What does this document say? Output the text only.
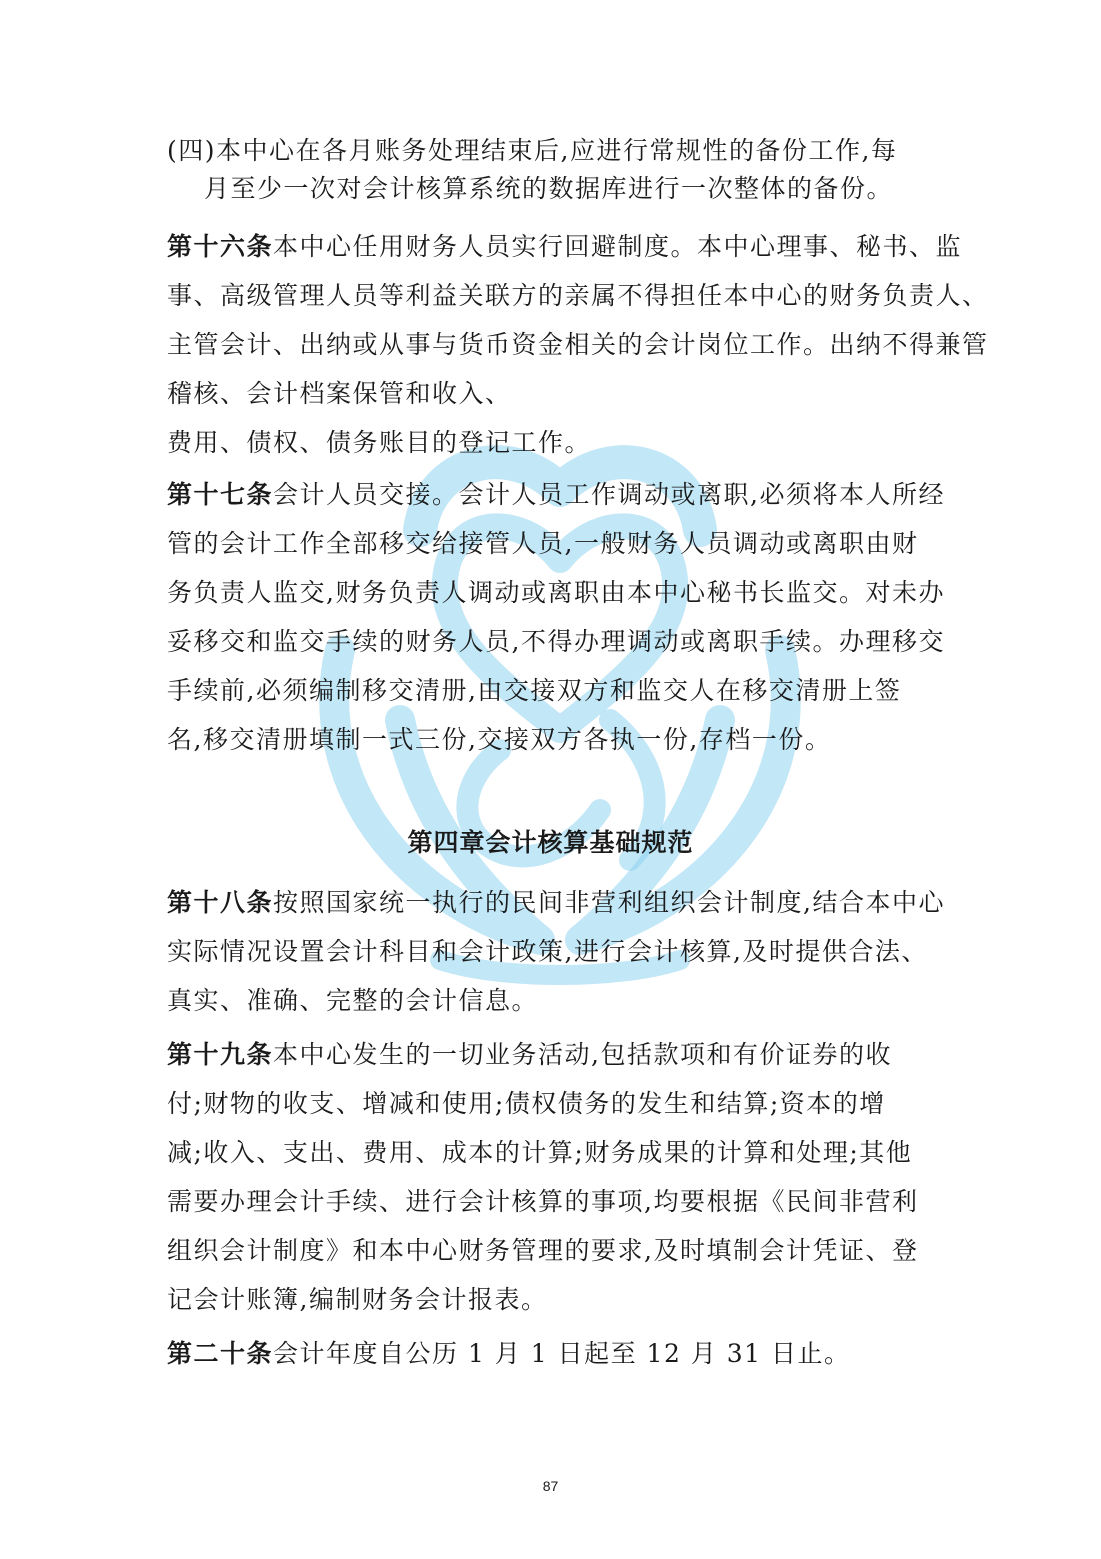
(四)本中心在各月账务处理结束后,应进行常规性的备份工作,每
月至少一次对会计核算系统的数据库进行一次整体的备份。
第十六条本中心任用财务人员实行回避制度。本中心理事、秘书、监
事、高级管理人员等利益关联方的亲属不得担任本中心的财务负责人、
主管会计、出纳或从事与货币资金相关的会计岗位工作。出纳不得兼管
稽核、会计档案保管和收入、
费用、债权、债务账目的登记工作。
第十七条会计人员交接。会计人员工作调动或离职,必须将本人所经
管的会计工作全部移交给接管人员,一般财务人员调动或离职由财
务负责人监交,财务负责人调动或离职由本中心秘书长监交。对未办
妥移交和监交手续的财务人员,不得办理调动或离职手续。办理移交
手续前,必须编制移交清册,由交接双方和监交人在移交清册上签
名,移交清册填制一式三份,交接双方各执一份,存档一份。
第四章会计核算基础规范
第十八条按照国家统一执行的民间非营利组织会计制度,结合本中心
实际情况设置会计科目和会计政策,进行会计核算,及时提供合法、
真实、准确、完整的会计信息。
第十九条本中心发生的一切业务活动,包括款项和有价证券的收
付;财物的收支、增减和使用;债权债务的发生和结算;资本的增
减;收入、支出、费用、成本的计算;财务成果的计算和处理;其他
需要办理会计手续、进行会计核算的事项,均要根据《民间非营利
组织会计制度》和本中心财务管理的要求,及时填制会计凭证、登
记会计账簿,编制财务会计报表。
第二十条会计年度自公历 1 月 1 日起至 12 月 31 日止。
87
